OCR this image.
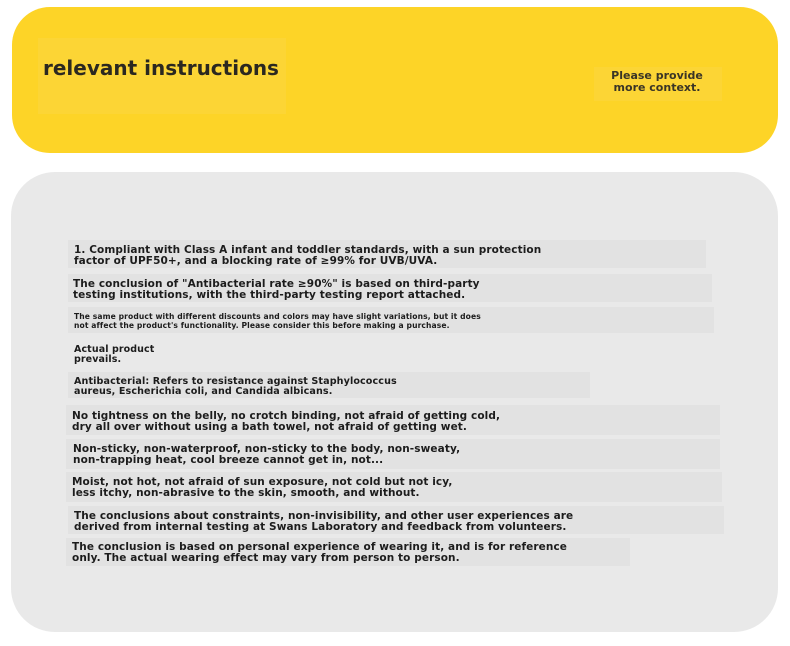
relevant instructions	Please provide
more context.

1. Compliant with Class A infant and toddler standards, with a sun protection
factor of UPF50+, and a blocking rate of ≥99% for UVB/UVA.

The conclusion of "Antibacterial rate ≥90%" is based on third-party
testing institutions, with the third-party testing report attached.

The same product with different discounts and colors may have slight variations, but it does
not affect the product's functionality. Please consider this before making a purchase.

Actual product
prevails.

Antibacterial: Refers to resistance against Staphylococcus
aureus, Escherichia coli, and Candida albicans.

No tightness on the belly, no crotch binding, not afraid of getting cold,
dry all over without using a bath towel, not afraid of getting wet.

Non-sticky, non-waterproof, non-sticky to the body, non-sweaty,
non-trapping heat, cool breeze cannot get in, not...

Moist, not hot, not afraid of sun exposure, not cold but not icy,
less itchy, non-abrasive to the skin, smooth, and without.

The conclusions about constraints, non-invisibility, and other user experiences are
derived from internal testing at Swans Laboratory and feedback from volunteers.

The conclusion is based on personal experience of wearing it, and is for reference
only. The actual wearing effect may vary from person to person.
